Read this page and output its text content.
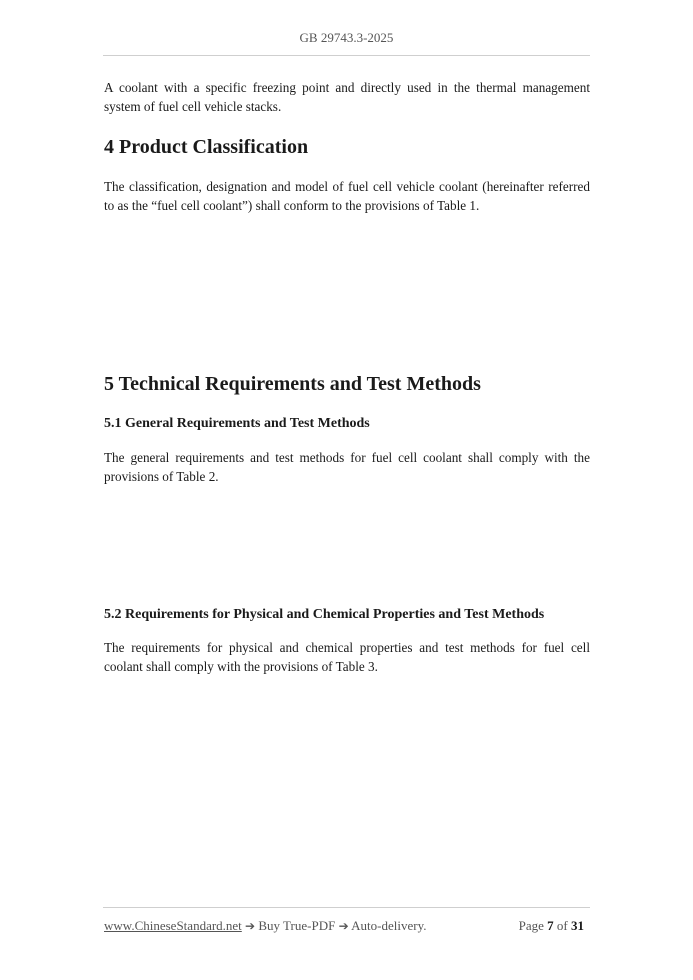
GB 29743.3-2025

A coolant with a specific freezing point and directly used in the thermal management system of fuel cell vehicle stacks.

4 Product Classification

The classification, designation and model of fuel cell vehicle coolant (hereinafter referred to as the “fuel cell coolant”) shall conform to the provisions of Table 1.

5 Technical Requirements and Test Methods
5.1 General Requirements and Test Methods

The general requirements and test methods for fuel cell coolant shall comply with the provisions of Table 2.

5.2 Requirements for Physical and Chemical Properties and Test Methods

The requirements for physical and chemical properties and test methods for fuel cell coolant shall comply with the provisions of Table 3.

www.ChineseStandard.net ➔ Buy True-PDF ➔ Auto-delivery.	Page 7 of 31
